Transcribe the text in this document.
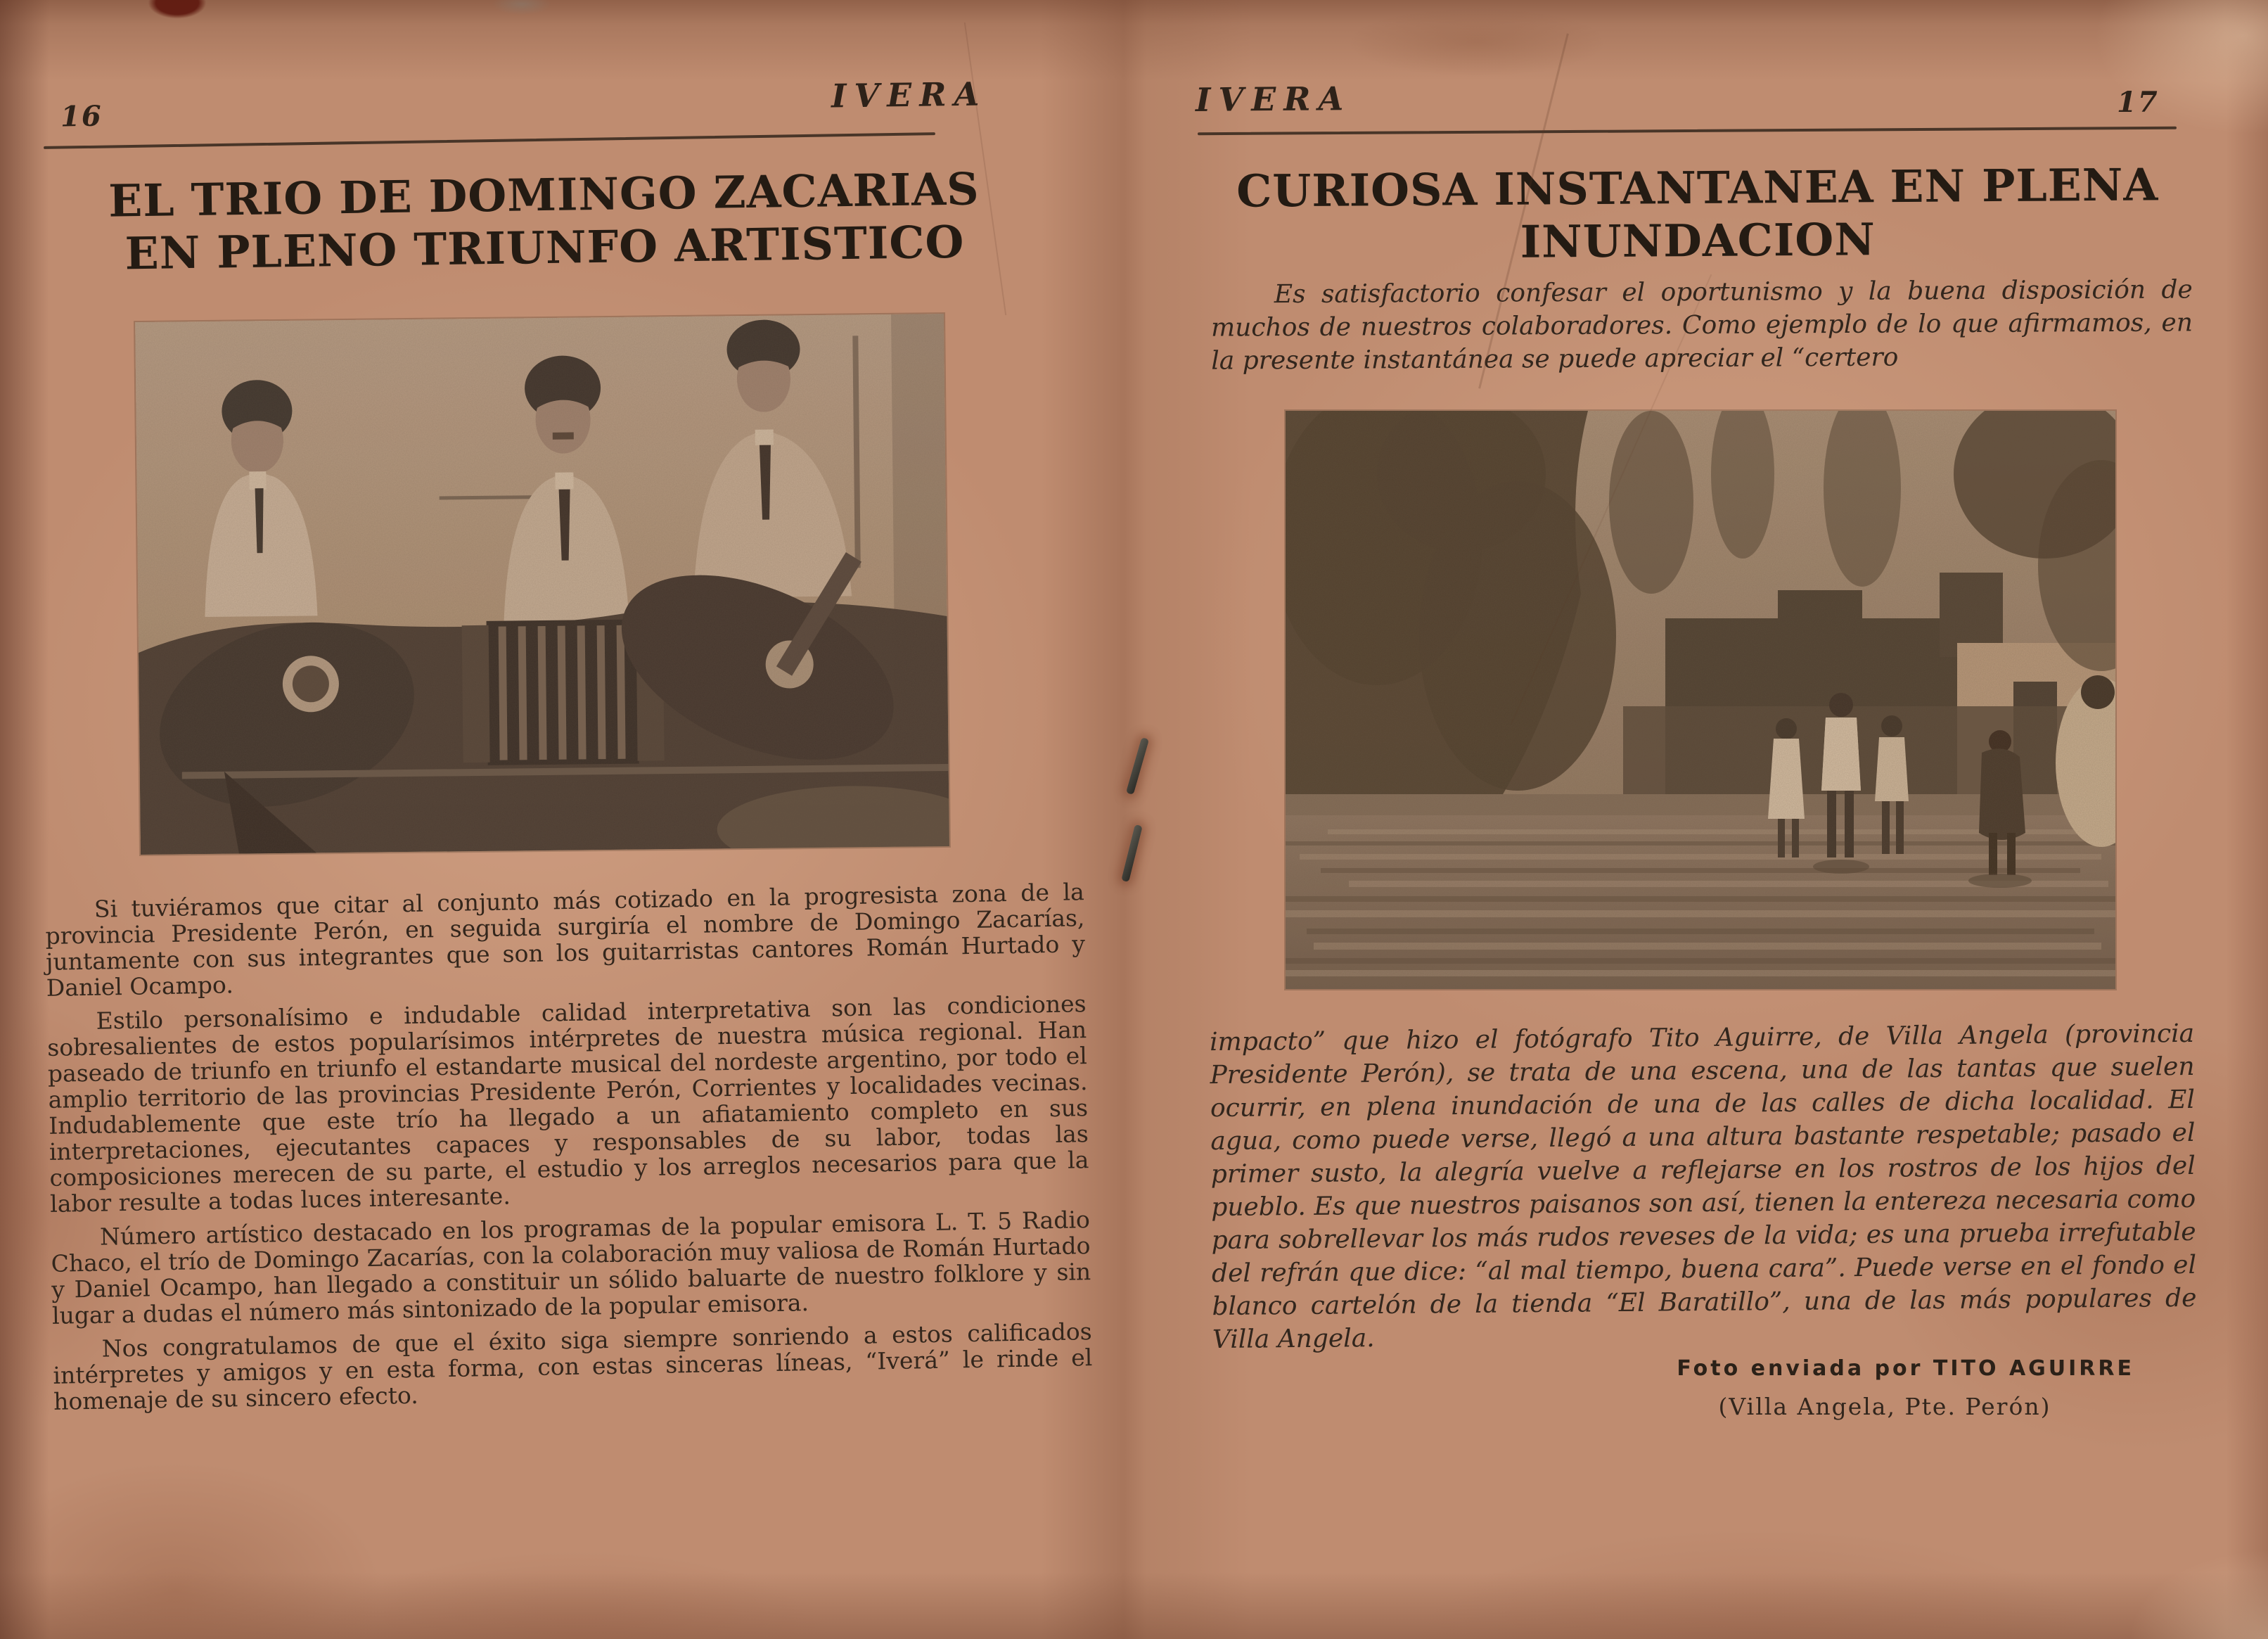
16
IVERA
EL TRIO DE DOMINGO ZACARIAS
EN PLENO TRIUNFO ARTISTICO

Si tuviéramos que citar al conjunto más cotizado en la progresista zona de la provincia Presidente Perón, en seguida surgiría el nombre de Domingo Zacarías, juntamente con sus integrantes que son los guitarristas cantores Román Hurtado y Daniel Ocampo.

Estilo personalísimo e indudable calidad interpretativa son las condiciones sobresalientes de estos popularísimos intérpretes de nuestra música regional. Han paseado de triunfo en triunfo el estandarte musical del nordeste argentino, por todo el amplio territorio de las provincias Presidente Perón, Corrientes y localidades vecinas. Indudablemente que este trío ha llegado a un afiatamiento completo en sus interpretaciones, ejecutantes capaces y responsables de su labor, todas las composiciones merecen de su parte, el estudio y los arreglos necesarios para que la labor resulte a todas luces interesante.

Número artístico destacado en los programas de la popular emisora L. T. 5 Radio Chaco, el trío de Domingo Zacarías, con la colaboración muy valiosa de Román Hurtado y Daniel Ocampo, han llegado a constituir un sólido baluarte de nuestro folklore y sin lugar a dudas el número más sintonizado de la popular emisora.

Nos congratulamos de que el éxito siga siempre sonriendo a estos calificados intérpretes y amigos y en esta forma, con estas sinceras líneas, “Iverá” le rinde el homenaje de su sincero efecto.

IVERA	17
CURIOSA INSTANTANEA EN PLENA
INUNDACION

Es satisfactorio confesar el oportunismo y la buena disposición de muchos de nuestros colaboradores. Como ejemplo de lo que afirmamos, en la presente instantánea se puede apreciar el “certero

impacto” que hizo el fotógrafo Tito Aguirre, de Villa Angela (provincia Presidente Perón), se trata de una escena, una de las tantas que suelen ocurrir, en plena inundación de una de las calles de dicha localidad. El agua, como puede verse, llegó a una altura bastante respetable; pasado el primer susto, la alegría vuelve a reflejarse en los rostros de los hijos del pueblo. Es que nuestros paisanos son así, tienen la entereza necesaria como para sobrellevar los más rudos reveses de la vida; es una prueba irrefutable del refrán que dice: “al mal tiempo, buena cara”. Puede verse en el fondo el blanco cartelón de la tienda “El Baratillo”, una de las más populares de Villa Angela.

Foto enviada por TITO AGUIRRE
(Villa Angela, Pte. Perón)
